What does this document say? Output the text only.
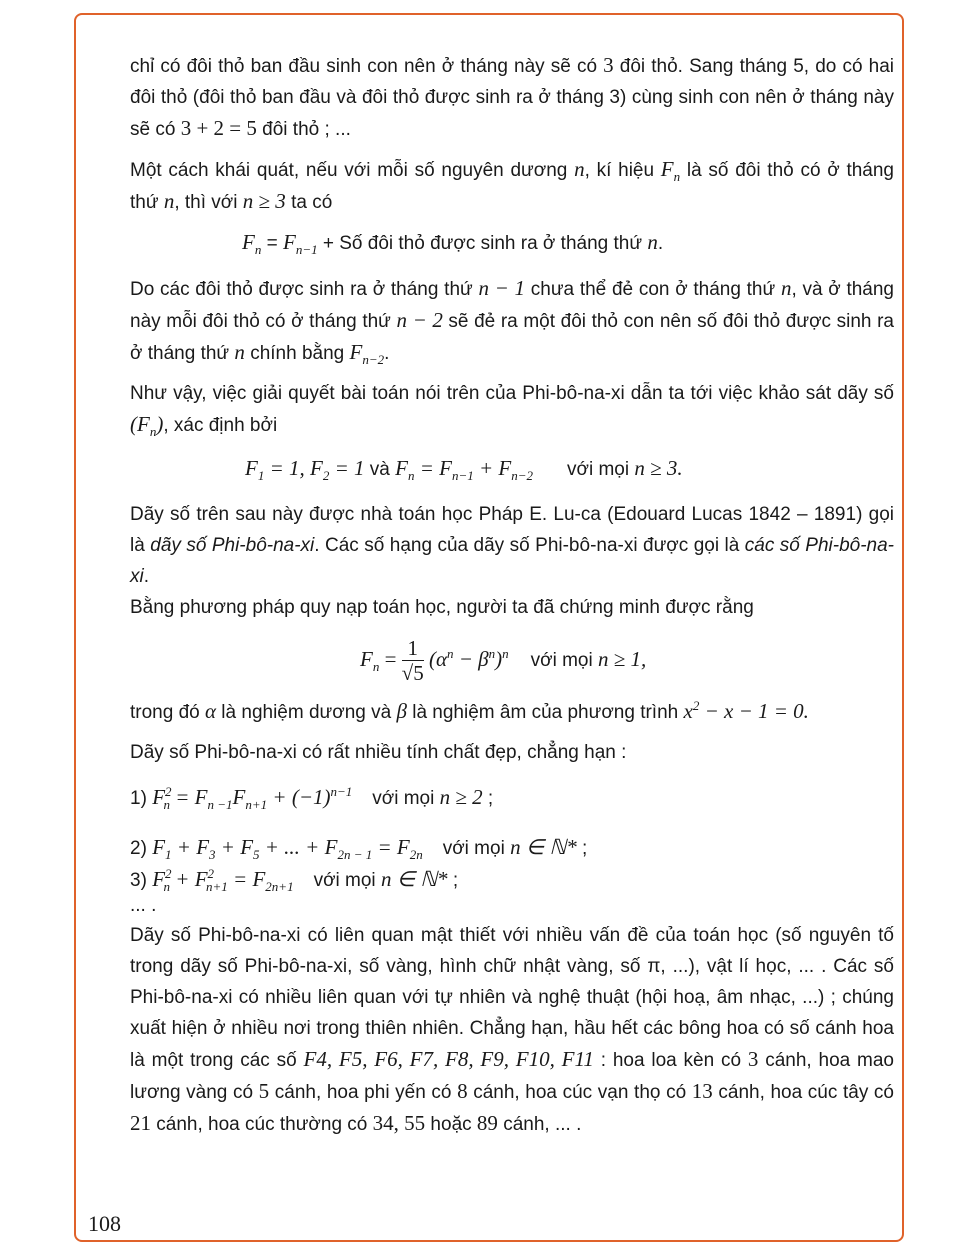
chỉ có đôi thỏ ban đầu sinh con nên ở tháng này sẽ có 3 đôi thỏ. Sang tháng 5, do có hai đôi thỏ (đôi thỏ ban đầu và đôi thỏ được sinh ra ở tháng 3) cùng sinh con nên ở tháng này sẽ có 3 + 2 = 5 đôi thỏ ; ...

Một cách khái quát, nếu với mỗi số nguyên dương n, kí hiệu $F_n$ là số đôi thỏ có ở tháng thứ n, thì với n ≥ 3 ta có

$F_n = F_{n-1}$ + Số đôi thỏ được sinh ra ở tháng thứ n.

Do các đôi thỏ được sinh ra ở tháng thứ n − 1 chưa thể đẻ con ở tháng thứ n, và ở tháng này mỗi đôi thỏ có ở tháng thứ n − 2 sẽ đẻ ra một đôi thỏ con nên số đôi thỏ được sinh ra ở tháng thứ n chính bằng $F_{n-2}$.

Như vậy, việc giải quyết bài toán nói trên của Phi-bô-na-xi dẫn ta tới việc khảo sát dãy số $(F_n)$, xác định bởi

$F_1 = 1$, $F_2 = 1$ và $F_n = F_{n-1} + F_{n-2}$ với mọi n ≥ 3.

Dãy số trên sau này được nhà toán học Pháp E. Lu-ca (Edouard Lucas 1842 – 1891) gọi là dãy số Phi-bô-na-xi. Các số hạng của dãy số Phi-bô-na-xi được gọi là các số Phi-bô-na-xi.

Bằng phương pháp quy nạp toán học, người ta đã chứng minh được rằng

$F_n = \frac{1}{√5} (\alpha^n - \beta^n)^n$ với mọi n ≥ 1,

trong đó α là nghiệm dương và β là nghiệm âm của phương trình $x^2 - x - 1 = 0$.

Dãy số Phi-bô-na-xi có rất nhiều tính chất đẹp, chẳng hạn :

1) $F^2_n = F_{n -1}F_{n+1} + (-1)^{n-1}$ với mọi n ≥ 2 ;

2) $F_1 + F_3 + F_5$ + ... + $F_{2n - 1} = F_{2n}$ với mọi n ∈ ℕ* ;

3) $F^2_n + F^2_{n+1} = F_{2n+1}$ với mọi n ∈ ℕ* ;

... .

Dãy số Phi-bô-na-xi có liên quan mật thiết với nhiều vấn đề của toán học (số nguyên tố trong dãy số Phi-bô-na-xi, số vàng, hình chữ nhật vàng, số π, ...), vật lí học, ... . Các số Phi-bô-na-xi có nhiều liên quan với tự nhiên và nghệ thuật (hội hoạ, âm nhạc, ...) ; chúng xuất hiện ở nhiều nơi trong thiên nhiên. Chẳng hạn, hầu hết các bông hoa có số cánh hoa là một trong các số F4, F5, F6, F7, F8, F9, F10, F11 : hoa loa kèn có 3 cánh, hoa mao lương vàng có 5 cánh, hoa phi yến có 8 cánh, hoa cúc vạn thọ có 13 cánh, hoa cúc tây có 21 cánh, hoa cúc thường có 34, 55 hoặc 89 cánh, ... .

108
